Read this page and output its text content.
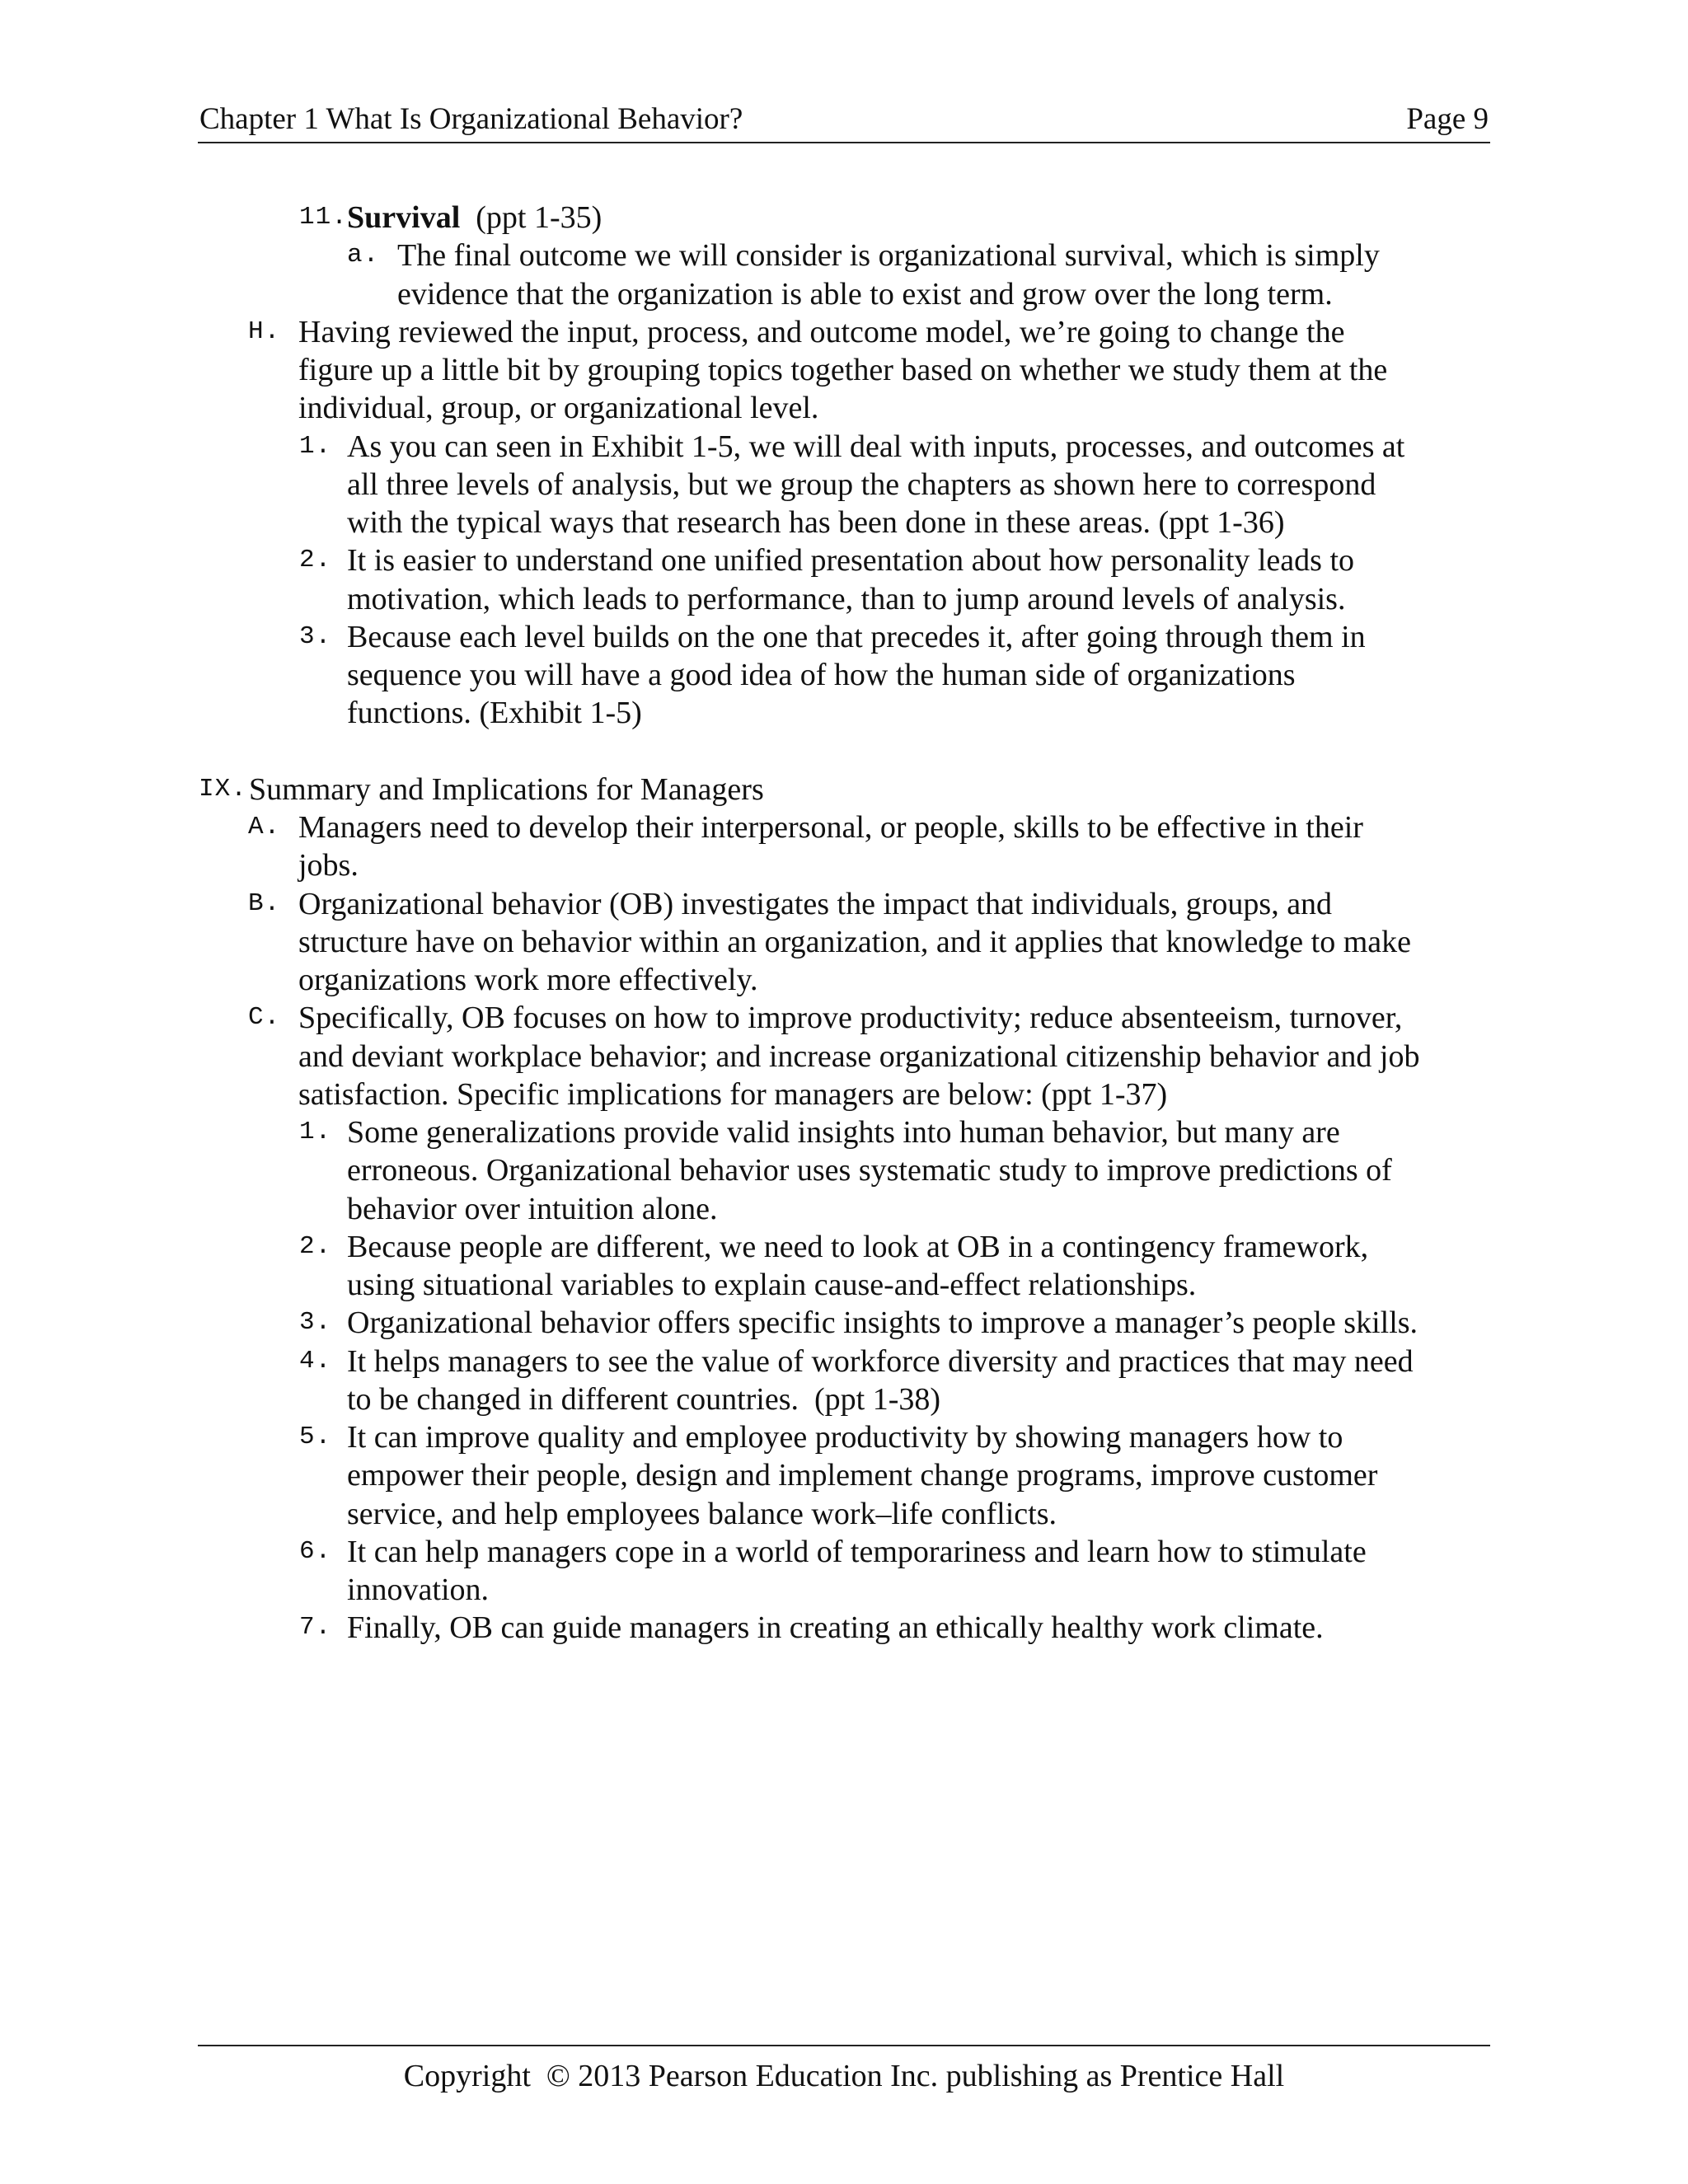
Chapter 1 What Is Organizational Behavior?	Page 9
11. Survival (ppt 1-35)
a. The final outcome we will consider is organizational survival, which is simply
evidence that the organization is able to exist and grow over the long term.
H. Having reviewed the input, process, and outcome model, we’re going to change the
figure up a little bit by grouping topics together based on whether we study them at the
individual, group, or organizational level.
1. As you can seen in Exhibit 1-5, we will deal with inputs, processes, and outcomes at
all three levels of analysis, but we group the chapters as shown here to correspond
with the typical ways that research has been done in these areas. (ppt 1-36)
2. It is easier to understand one unified presentation about how personality leads to
motivation, which leads to performance, than to jump around levels of analysis.
3. Because each level builds on the one that precedes it, after going through them in
sequence you will have a good idea of how the human side of organizations
functions. (Exhibit 1-5)
IX. Summary and Implications for Managers
A. Managers need to develop their interpersonal, or people, skills to be effective in their
jobs.
B. Organizational behavior (OB) investigates the impact that individuals, groups, and
structure have on behavior within an organization, and it applies that knowledge to make
organizations work more effectively.
C. Specifically, OB focuses on how to improve productivity; reduce absenteeism, turnover,
and deviant workplace behavior; and increase organizational citizenship behavior and job
satisfaction. Specific implications for managers are below: (ppt 1-37)
1. Some generalizations provide valid insights into human behavior, but many are
erroneous. Organizational behavior uses systematic study to improve predictions of
behavior over intuition alone.
2. Because people are different, we need to look at OB in a contingency framework,
using situational variables to explain cause-and-effect relationships.
3. Organizational behavior offers specific insights to improve a manager’s people skills.
4. It helps managers to see the value of workforce diversity and practices that may need
to be changed in different countries.  (ppt 1-38)
5. It can improve quality and employee productivity by showing managers how to
empower their people, design and implement change programs, improve customer
service, and help employees balance work–life conflicts.
6. It can help managers cope in a world of temporariness and learn how to stimulate
innovation.
7. Finally, OB can guide managers in creating an ethically healthy work climate.
Copyright  © 2013 Pearson Education Inc. publishing as Prentice Hall
